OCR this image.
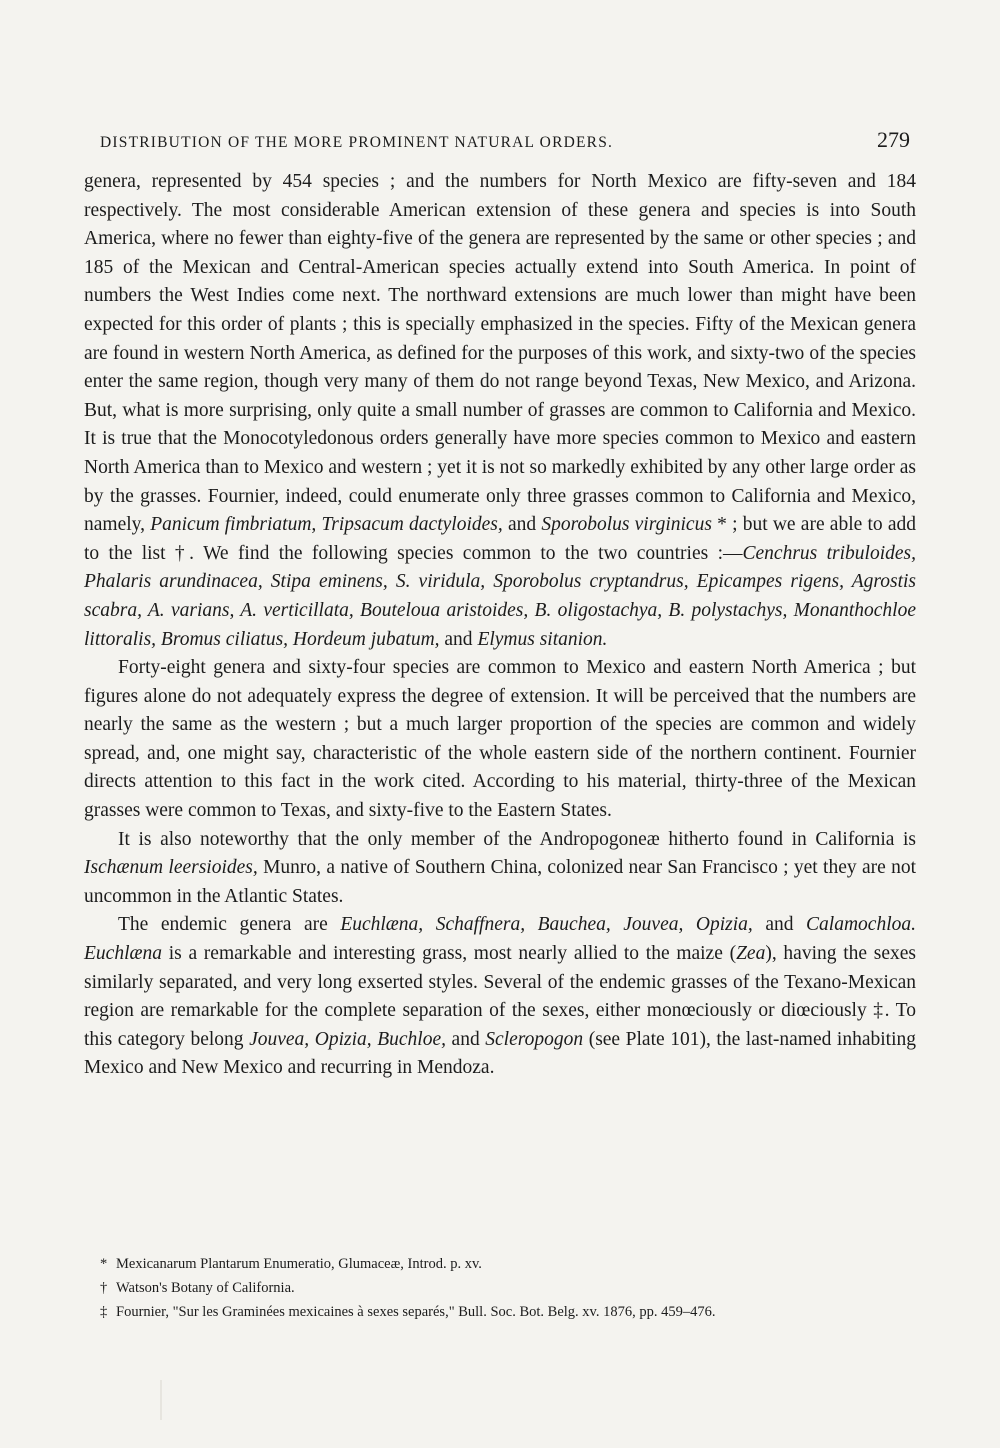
DISTRIBUTION OF THE MORE PROMINENT NATURAL ORDERS.	279

genera, represented by 454 species ; and the numbers for North Mexico are fifty-seven and 184 respectively. The most considerable American extension of these genera and species is into South America, where no fewer than eighty-five of the genera are represented by the same or other species ; and 185 of the Mexican and Central-American species actually extend into South America. In point of numbers the West Indies come next. The northward extensions are much lower than might have been expected for this order of plants ; this is specially emphasized in the species. Fifty of the Mexican genera are found in western North America, as defined for the purposes of this work, and sixty-two of the species enter the same region, though very many of them do not range beyond Texas, New Mexico, and Arizona. But, what is more surprising, only quite a small number of grasses are common to California and Mexico. It is true that the Monocotyledonous orders generally have more species common to Mexico and eastern North America than to Mexico and western ; yet it is not so markedly exhibited by any other large order as by the grasses. Fournier, indeed, could enumerate only three grasses common to California and Mexico, namely, Panicum fimbriatum, Tripsacum dactyloides, and Sporobolus virginicus * ; but we are able to add to the list †. We find the following species common to the two countries :—Cenchrus tribuloides, Phalaris arundinacea, Stipa eminens, S. viridula, Sporobolus cryptandrus, Epicampes rigens, Agrostis scabra, A. varians, A. verticillata, Bouteloua aristoides, B. oligostachya, B. polystachys, Monanthochloe littoralis, Bromus ciliatus, Hordeum jubatum, and Elymus sitanion.

Forty-eight genera and sixty-four species are common to Mexico and eastern North America ; but figures alone do not adequately express the degree of extension. It will be perceived that the numbers are nearly the same as the western ; but a much larger proportion of the species are common and widely spread, and, one might say, characteristic of the whole eastern side of the northern continent. Fournier directs attention to this fact in the work cited. According to his material, thirty-three of the Mexican grasses were common to Texas, and sixty-five to the Eastern States.

It is also noteworthy that the only member of the Andropogoneæ hitherto found in California is Ischænum leersioides, Munro, a native of Southern China, colonized near San Francisco ; yet they are not uncommon in the Atlantic States.

The endemic genera are Euchlæna, Schaffnera, Bauchea, Jouvea, Opizia, and Calamochloa. Euchlæna is a remarkable and interesting grass, most nearly allied to the maize (Zea), having the sexes similarly separated, and very long exserted styles. Several of the endemic grasses of the Texano-Mexican region are remarkable for the complete separation of the sexes, either monœciously or diœciously ‡. To this category belong Jouvea, Opizia, Buchloe, and Scleropogon (see Plate 101), the last-named inhabiting Mexico and New Mexico and recurring in Mendoza.

* Mexicanarum Plantarum Enumeratio, Glumaceæ, Introd. p. xv.

† Watson's Botany of California.

‡ Fournier, "Sur les Graminées mexicaines à sexes separés," Bull. Soc. Bot. Belg. xv. 1876, pp. 459–476.
